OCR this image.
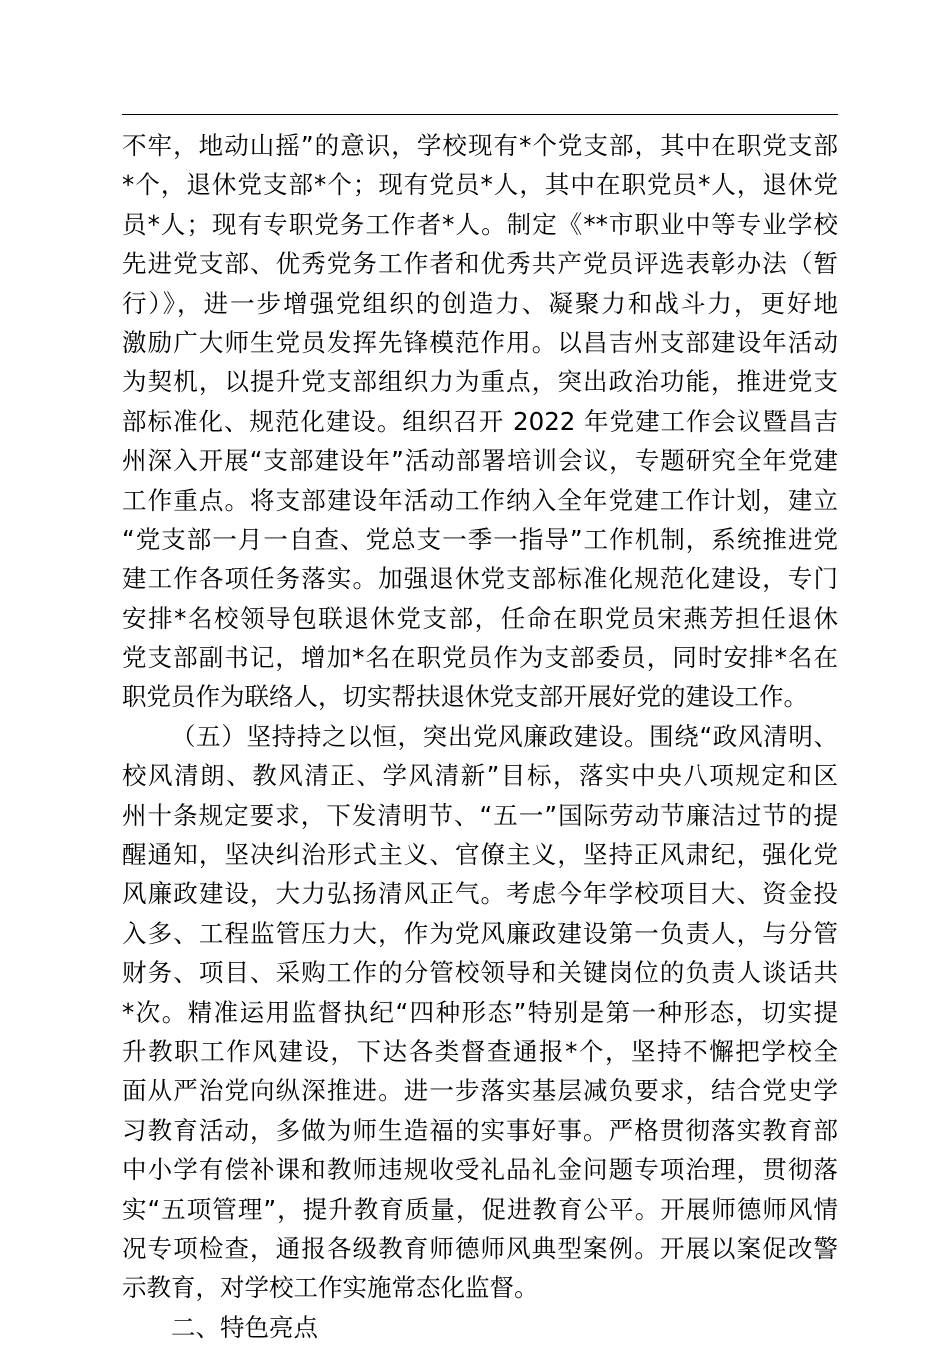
不牢，地动山摇”的意识，学校现有*个党支部，其中在职党支部
*个，退休党支部*个；现有党员*人，其中在职党员*人，退休党
员*人；现有专职党务工作者*人。制定《**市职业中等专业学校
先进党支部、优秀党务工作者和优秀共产党员评选表彰办法（暂
行）》，进一步增强党组织的创造力、凝聚力和战斗力，更好地
激励广大师生党员发挥先锋模范作用。以昌吉州支部建设年活动
为契机，以提升党支部组织力为重点，突出政治功能，推进党支
部标准化、规范化建设。组织召开 2022 年党建工作会议暨昌吉
州深入开展“支部建设年”活动部署培训会议，专题研究全年党建
工作重点。将支部建设年活动工作纳入全年党建工作计划，建立
“党支部一月一自查、党总支一季一指导”工作机制，系统推进党
建工作各项任务落实。加强退休党支部标准化规范化建设，专门
安排*名校领导包联退休党支部，任命在职党员宋燕芳担任退休
党支部副书记，增加*名在职党员作为支部委员，同时安排*名在
职党员作为联络人，切实帮扶退休党支部开展好党的建设工作。
（五）坚持持之以恒，突出党风廉政建设。围绕“政风清明、
校风清朗、教风清正、学风清新”目标，落实中央八项规定和区
州十条规定要求，下发清明节、“五一”国际劳动节廉洁过节的提
醒通知，坚决纠治形式主义、官僚主义，坚持正风肃纪，强化党
风廉政建设，大力弘扬清风正气。考虑今年学校项目大、资金投
入多、工程监管压力大，作为党风廉政建设第一负责人，与分管
财务、项目、采购工作的分管校领导和关键岗位的负责人谈话共
*次。精准运用监督执纪“四种形态”特别是第一种形态，切实提
升教职工作风建设，下达各类督查通报*个，坚持不懈把学校全
面从严治党向纵深推进。进一步落实基层减负要求，结合党史学
习教育活动，多做为师生造福的实事好事。严格贯彻落实教育部
中小学有偿补课和教师违规收受礼品礼金问题专项治理，贯彻落
实“五项管理”，提升教育质量，促进教育公平。开展师德师风情
况专项检查，通报各级教育师德师风典型案例。开展以案促改警
示教育，对学校工作实施常态化监督。
二、特色亮点
